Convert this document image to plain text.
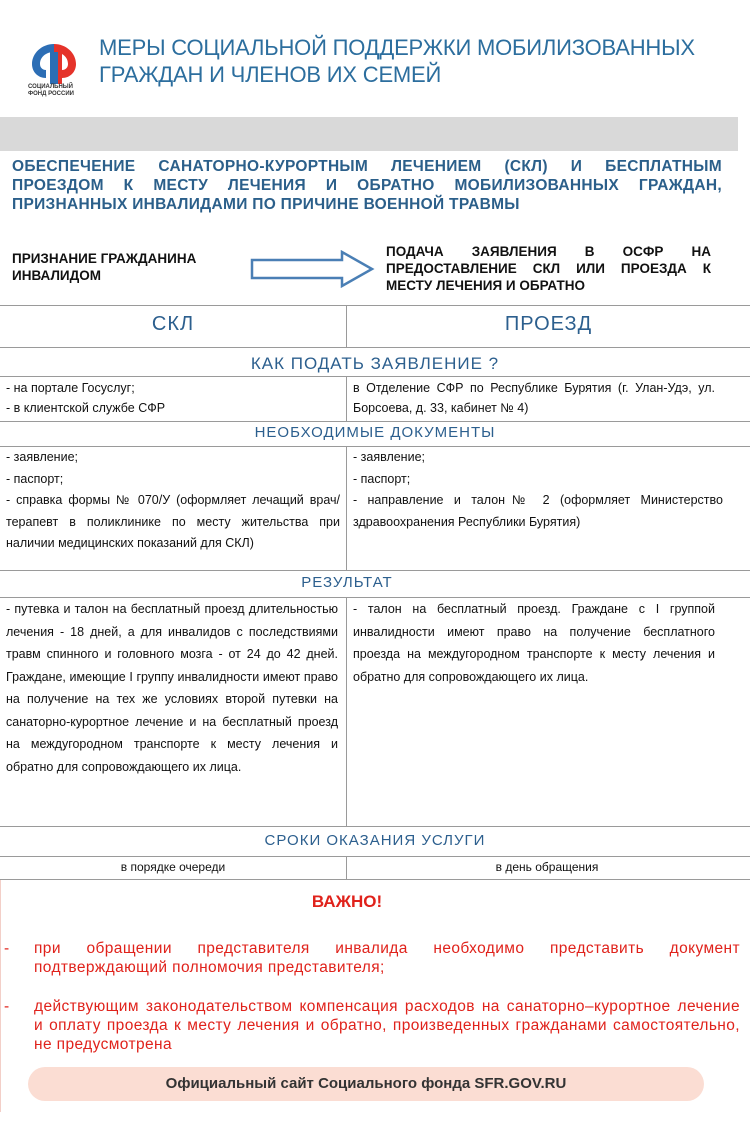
СОЦИАЛЬНЫЙ ФОНД РОССИИ
МЕРЫ СОЦИАЛЬНОЙ ПОДДЕРЖКИ МОБИЛИЗОВАННЫХ ГРАЖДАН И ЧЛЕНОВ ИХ СЕМЕЙ
ОБЕСПЕЧЕНИЕ САНАТОРНО-КУРОРТНЫМ ЛЕЧЕНИЕМ (СКЛ) И БЕСПЛАТНЫМ
ПРОЕЗДОМ К МЕСТУ ЛЕЧЕНИЯ И ОБРАТНО МОБИЛИЗОВАННЫХ ГРАЖДАН,
ПРИЗНАННЫХ ИНВАЛИДАМИ ПО ПРИЧИНЕ ВОЕННОЙ ТРАВМЫ
ПРИЗНАНИЕ ГРАЖДАНИНА ИНВАЛИДОМ
ПОДАЧА ЗАЯВЛЕНИЯ В ОСФР НА ПРЕДОСТАВЛЕНИЕ СКЛ ИЛИ ПРОЕЗДА К МЕСТУ ЛЕЧЕНИЯ И ОБРАТНО
СКЛ	ПРОЕЗД
КАК ПОДАТЬ ЗАЯВЛЕНИЕ ?
- на портале Госуслуг;
- в клиентской службе СФР
в Отделение СФР по Республике Бурятия (г. Улан-Удэ, ул. Борсоева, д. 33, кабинет № 4)
НЕОБХОДИМЫЕ ДОКУМЕНТЫ
- заявление;
- паспорт;
- справка формы № 070/У (оформляет лечащий врач/терапевт в поликлинике по месту жительства при наличии медицинских показаний для СКЛ)
- заявление;
- паспорт;
- направление и талон№ 2 (оформляет Министерство здравоохранения Республики Бурятия)
РЕЗУЛЬТАТ
- путевка и талон на бесплатный проезд длительностью лечения - 18 дней, а для инвалидов с последствиями травм спинного и головного мозга - от 24 до 42 дней. Граждане, имеющие I группу инвалидности имеют право на получение на тех же условиях второй путевки на санаторно-курортное лечение и на бесплатный проезд на междугородном транспорте к месту лечения и обратно для сопровождающего их лица.
- талон на бесплатный проезд. Граждане с I группой инвалидности имеют право на получение бесплатного проезда на междугородном транспорте к месту лечения и обратно для сопровождающего их лица.
СРОКИ ОКАЗАНИЯ УСЛУГИ
в порядке очереди	в день обращения
ВАЖНО!
- при обращении представителя инвалида необходимо представить документ подтверждающий полномочия представителя;
- действующим законодательством компенсация расходов на санаторно–курортное лечение и оплату проезда к месту лечения и обратно, произведенных гражданами самостоятельно, не предусмотрена
Официальный сайт Социального фонда SFR.GOV.RU
